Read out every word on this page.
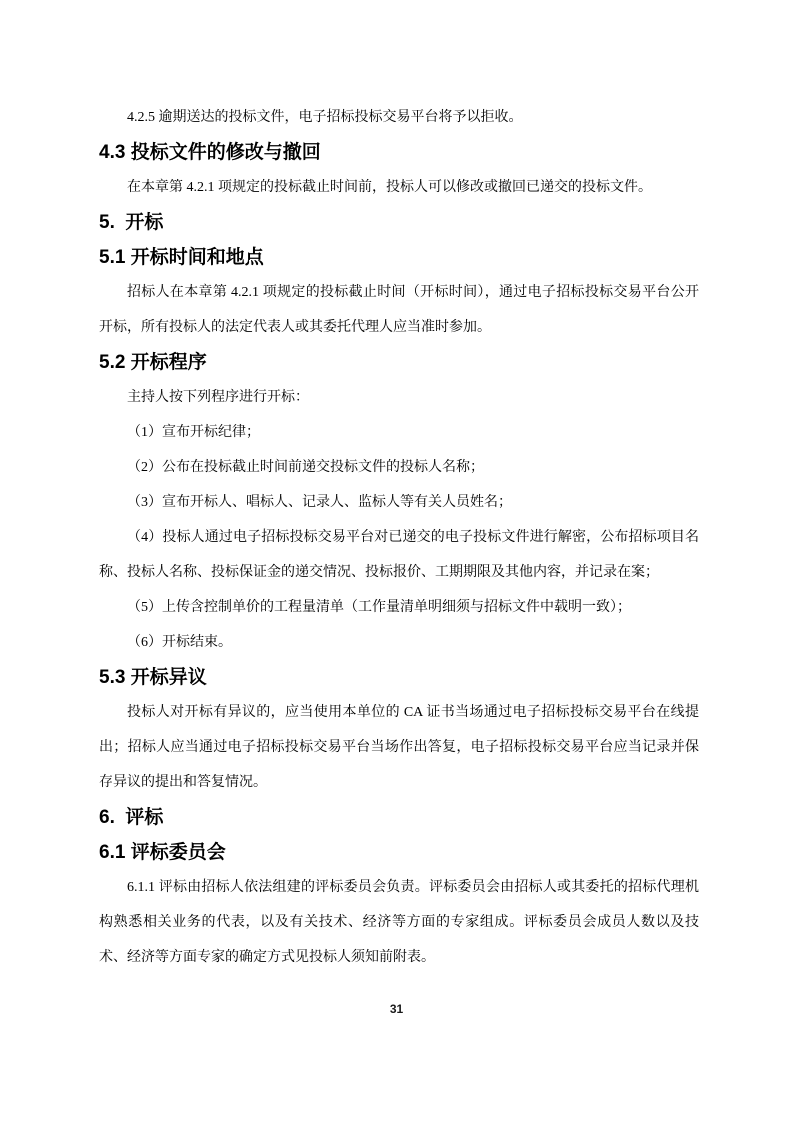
4.2.5 逾期送达的投标文件，电子招标投标交易平台将予以拒收。

4.3 投标文件的修改与撤回

在本章第 4.2.1 项规定的投标截止时间前，投标人可以修改或撤回已递交的投标文件。

5.  开标
5.1 开标时间和地点

招标人在本章第 4.2.1 项规定的投标截止时间（开标时间），通过电子招标投标交易平台公开开标，所有投标人的法定代表人或其委托代理人应当准时参加。

5.2 开标程序

主持人按下列程序进行开标：

（1）宣布开标纪律；

（2）公布在投标截止时间前递交投标文件的投标人名称；

（3）宣布开标人、唱标人、记录人、监标人等有关人员姓名；

（4）投标人通过电子招标投标交易平台对已递交的电子投标文件进行解密，公布招标项目名称、投标人名称、投标保证金的递交情况、投标报价、工期期限及其他内容，并记录在案；

（5）上传含控制单价的工程量清单（工作量清单明细须与招标文件中载明一致）；

（6）开标结束。

5.3 开标异议

投标人对开标有异议的，应当使用本单位的 CA 证书当场通过电子招标投标交易平台在线提出；招标人应当通过电子招标投标交易平台当场作出答复，电子招标投标交易平台应当记录并保存异议的提出和答复情况。

6.  评标
6.1 评标委员会

6.1.1 评标由招标人依法组建的评标委员会负责。评标委员会由招标人或其委托的招标代理机构熟悉相关业务的代表，以及有关技术、经济等方面的专家组成。评标委员会成员人数以及技术、经济等方面专家的确定方式见投标人须知前附表。

31
